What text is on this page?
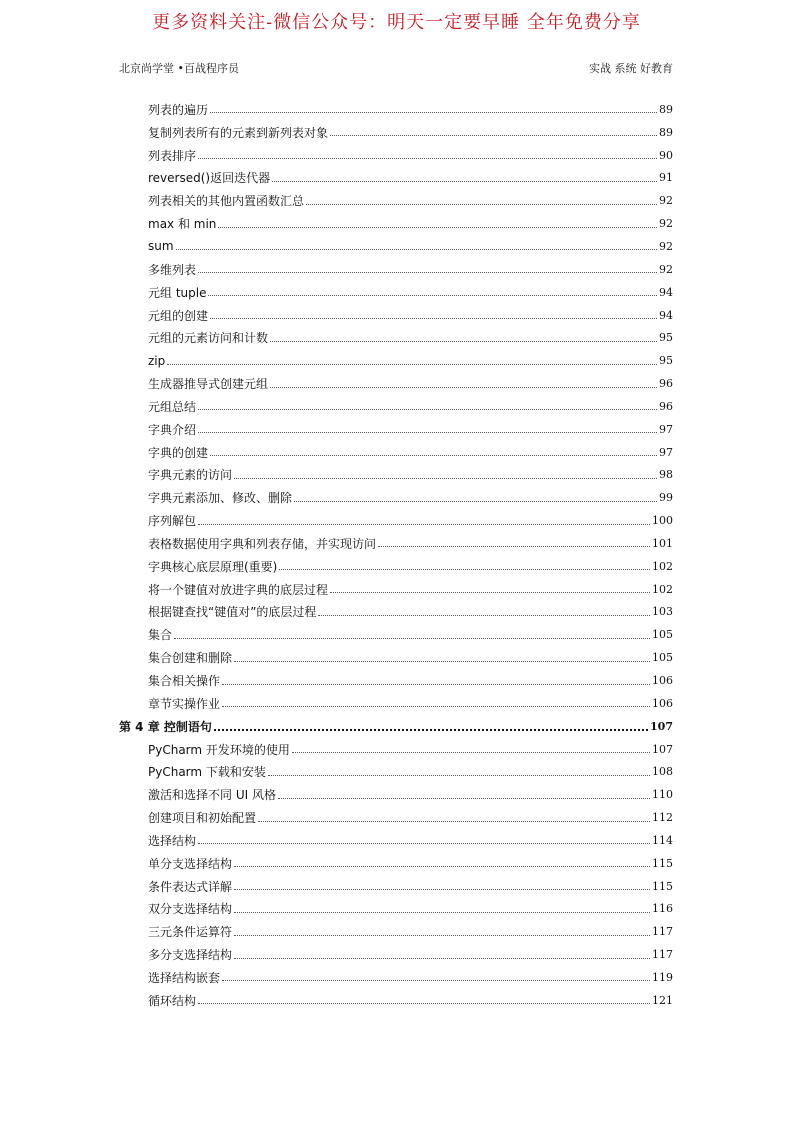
更多资料关注-微信公众号：明天一定要早睡 全年免费分享
北京尚学堂 •百战程序员	实战 系统 好教育
列表的遍历	89
复制列表所有的元素到新列表对象	89
列表排序	90
reversed()返回迭代器	91
列表相关的其他内置函数汇总	92
max 和 min	92
sum	92
多维列表	92
元组 tuple	94
元组的创建	94
元组的元素访问和计数	95
zip	95
生成器推导式创建元组	96
元组总结	96
字典介绍	97
字典的创建	97
字典元素的访问	98
字典元素添加、修改、删除	99
序列解包	100
表格数据使用字典和列表存储，并实现访问	101
字典核心底层原理(重要)	102
将一个键值对放进字典的底层过程	102
根据键查找“键值对”的底层过程	103
集合	105
集合创建和删除	105
集合相关操作	106
章节实操作业	106
第 4 章 控制语句	107
PyCharm 开发环境的使用	107
PyCharm 下载和安装	108
激活和选择不同 UI 风格	110
创建项目和初始配置	112
选择结构	114
单分支选择结构	115
条件表达式详解	115
双分支选择结构	116
三元条件运算符	117
多分支选择结构	117
选择结构嵌套	119
循环结构	121
